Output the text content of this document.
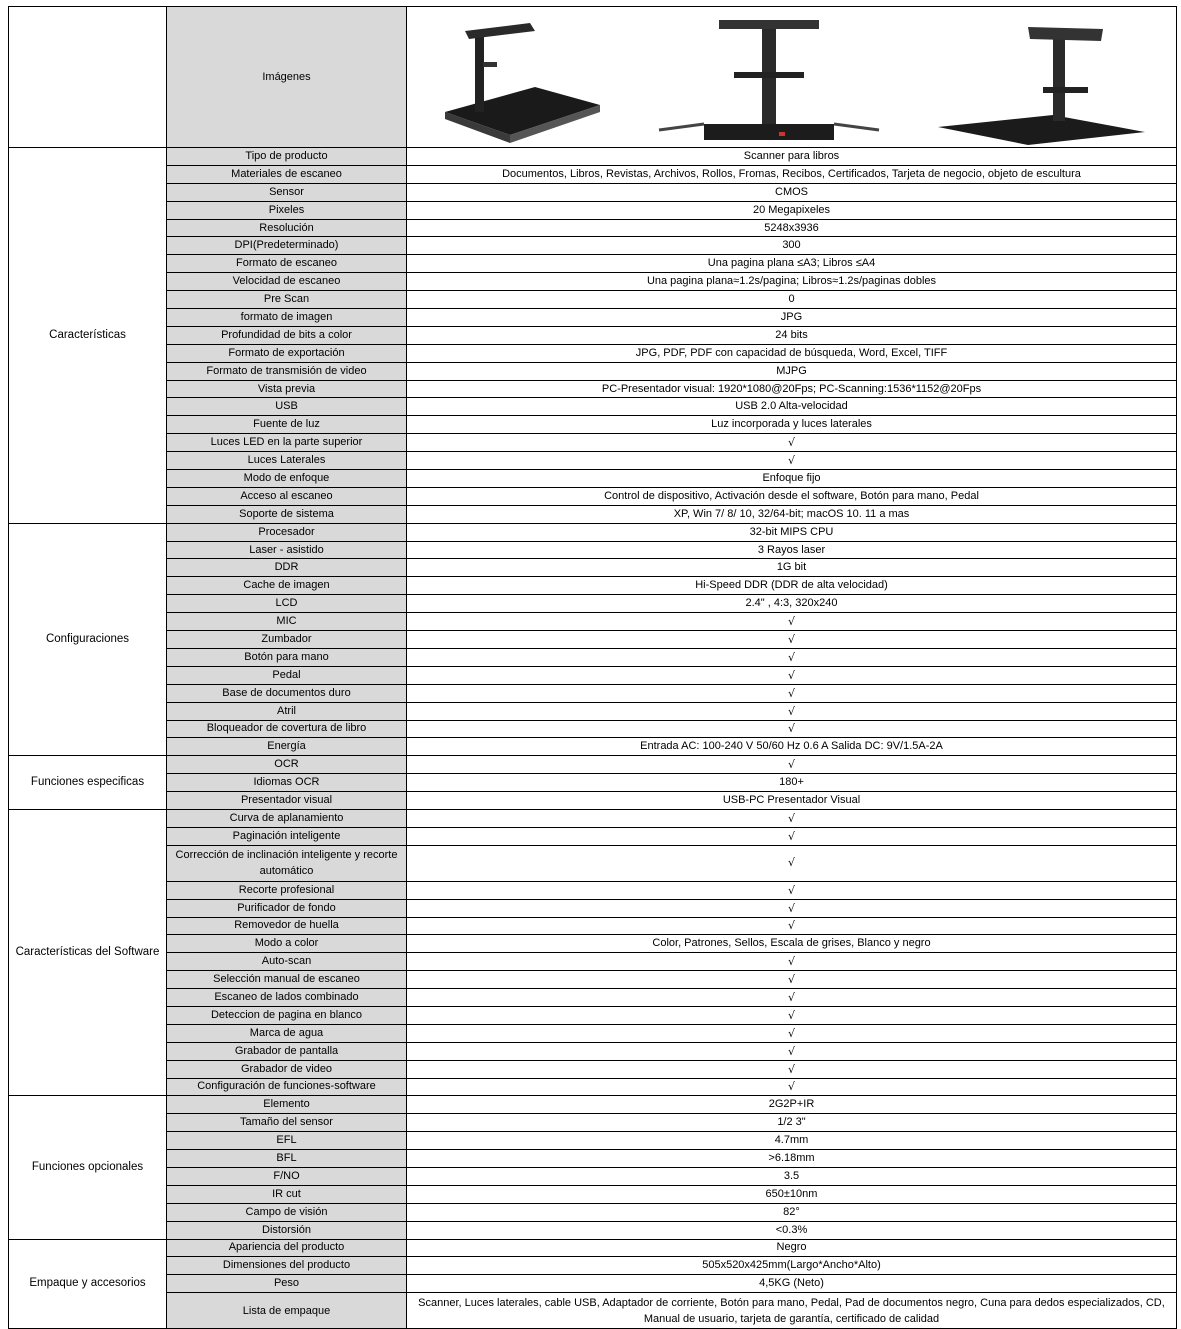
	Imágenes	

Características	Tipo de producto	Scanner para libros
	Materiales de escaneo	Documentos, Libros, Revistas, Archivos, Rollos, Fromas, Recibos, Certificados, Tarjeta de negocio, objeto de escultura
	Sensor	CMOS
	Pixeles	20 Megapixeles
	Resolución	5248x3936
	DPI(Predeterminado)	300
	Formato de escaneo	Una pagina plana ≤A3; Libros ≤A4
	Velocidad de escaneo	Una pagina plana≈1.2s/pagina; Libros≈1.2s/paginas dobles
	Pre Scan	0
	formato de imagen	JPG
	Profundidad de bits a color	24 bits
	Formato de exportación	JPG, PDF, PDF con capacidad de búsqueda, Word, Excel, TIFF
	Formato de transmisión de video	MJPG
	Vista previa	PC-Presentador visual: 1920*1080@20Fps; PC-Scanning:1536*1152@20Fps
	USB	USB 2.0 Alta-velocidad
	Fuente de luz	Luz incorporada y luces laterales
	Luces LED en la parte superior	√
	Luces Laterales	√
	Modo de enfoque	Enfoque fijo
	Acceso al escaneo	Control de dispositivo, Activación desde el software, Botón para mano, Pedal
	Soporte de sistema	XP, Win 7/ 8/ 10, 32/64-bit; macOS 10. 11 a mas
Configuraciones	Procesador	32-bit MIPS CPU
	Laser - asistido	3 Rayos laser
	DDR	1G bit
	Cache de imagen	Hi-Speed DDR (DDR de alta velocidad)
	LCD	2.4" , 4:3, 320x240
	MIC	√
	Zumbador	√
	Botón para mano	√
	Pedal	√
	Base de documentos duro	√
	Atril	√
	Bloqueador de covertura de libro	√
	Energía	Entrada AC: 100-240 V 50/60 Hz 0.6 A Salida DC: 9V/1.5A-2A
Funciones especificas	OCR	√
	Idiomas OCR	180+
	Presentador visual	USB-PC Presentador Visual
Características del Software	Curva de aplanamiento	√
	Paginación inteligente	√
	Corrección de inclinación inteligente y recorte automático	√
	Recorte profesional	√
	Purificador de fondo	√
	Removedor de huella	√
	Modo a color	Color, Patrones, Sellos, Escala de grises, Blanco y negro
	Auto-scan	√
	Selección manual de escaneo	√
	Escaneo de lados combinado	√
	Deteccion de pagina en blanco	√
	Marca de agua	√
	Grabador de pantalla	√
	Grabador de video	√
	Configuración de funciones-software	√
Funciones opcionales	Elemento	2G2P+IR
	Tamaño del sensor	1/2 3"
	EFL	4.7mm
	BFL	>6.18mm
	F/NO	3.5
	IR cut	650±10nm
	Campo de visión	82°
	Distorsión	<0.3%
Empaque y accesorios	Apariencia del producto	Negro
	Dimensiones del producto	505x520x425mm(Largo*Ancho*Alto)
	Peso	4,5KG (Neto)
	Lista de empaque	Scanner, Luces laterales, cable USB, Adaptador de corriente, Botón para mano, Pedal, Pad de documentos negro, Cuna para dedos especializados, CD, Manual de usuario, tarjeta de garantía, certificado de calidad
